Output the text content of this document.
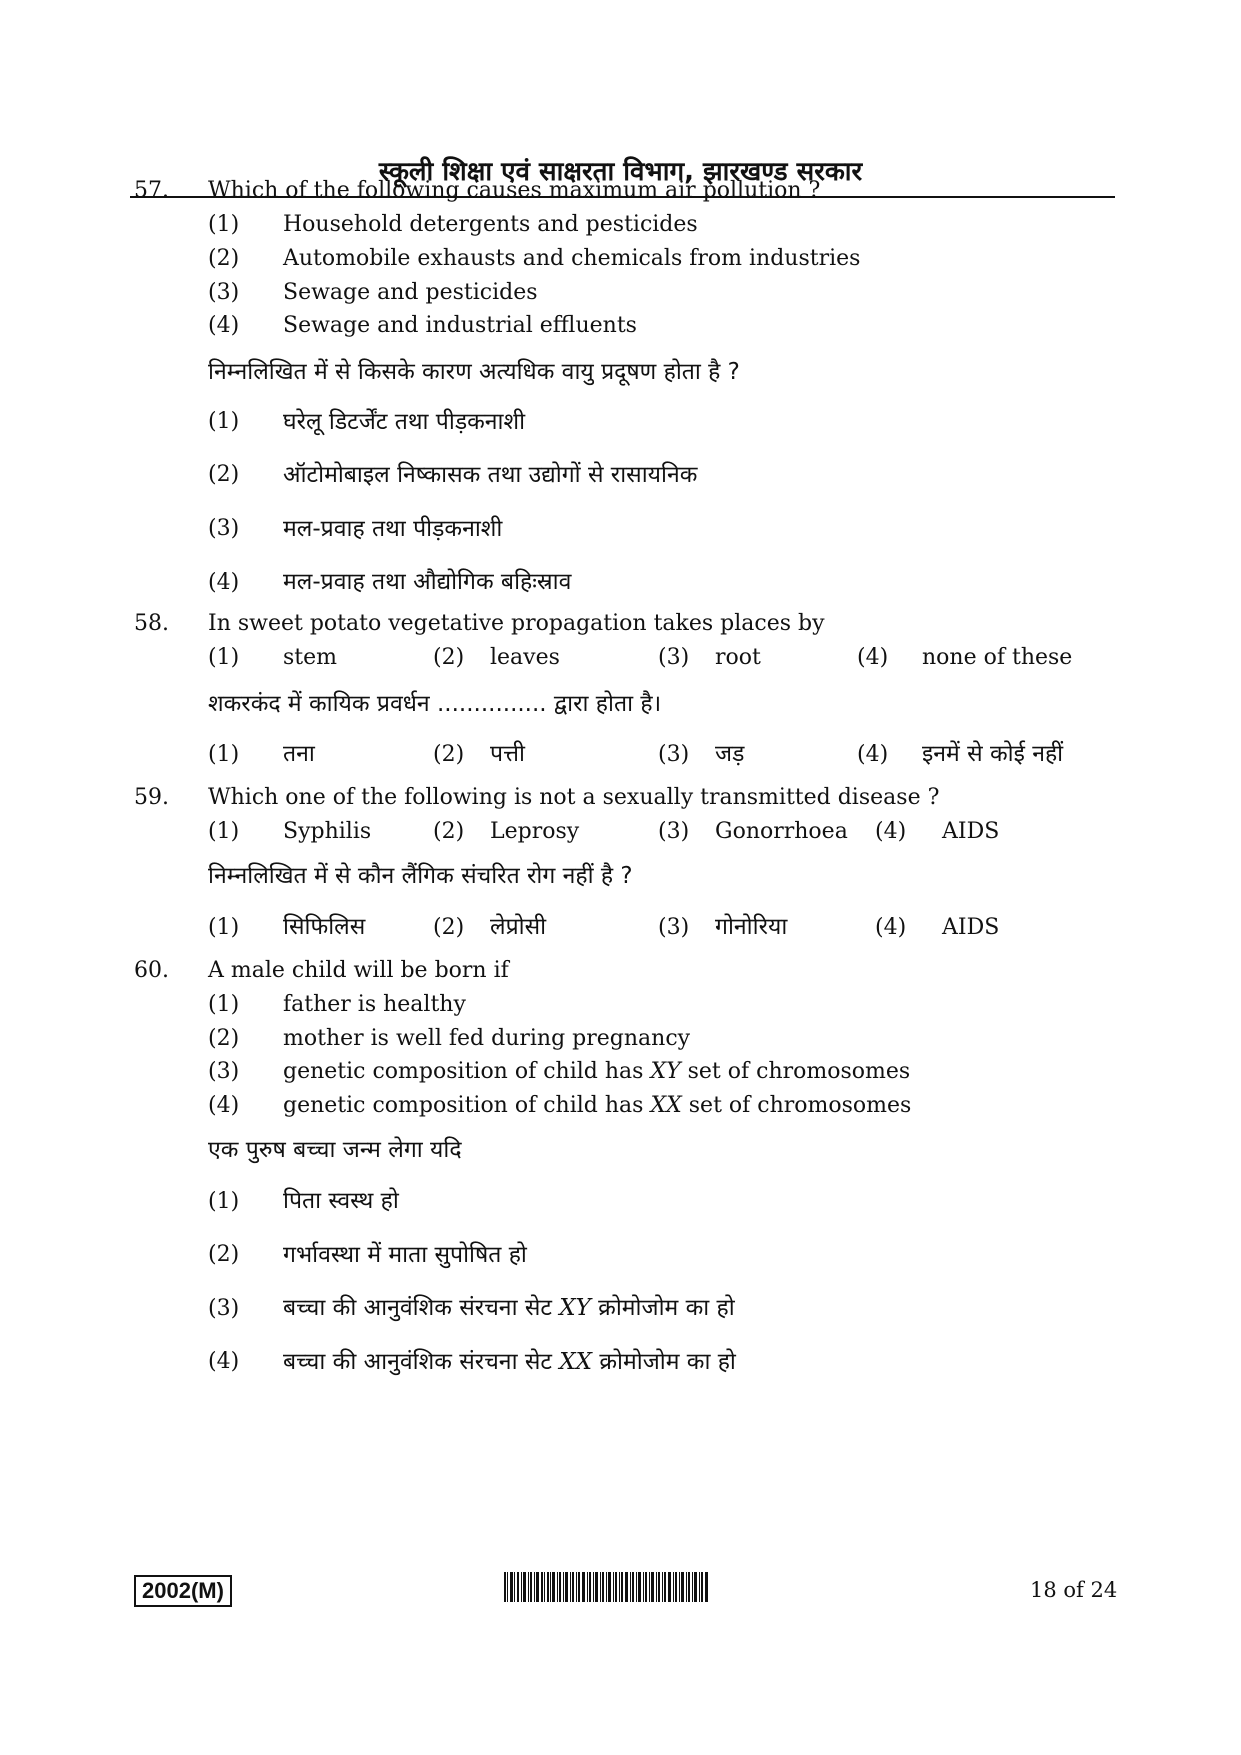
स्कूली शिक्षा एवं साक्षरता विभाग, झारखण्ड सरकार
57. Which of the following causes maximum air pollution ?
(1) Household detergents and pesticides
(2) Automobile exhausts and chemicals from industries
(3) Sewage and pesticides
(4) Sewage and industrial effluents
निम्नलिखित में से किसके कारण अत्यधिक वायु प्रदूषण होता है ?
(1) घरेलू डिटर्जेंट तथा पीड़कनाशी
(2) ऑटोमोबाइल निष्कासक तथा उद्योगों से रासायनिक
(3) मल-प्रवाह तथा पीड़कनाशी
(4) मल-प्रवाह तथा औद्योगिक बहिःस्राव
58. In sweet potato vegetative propagation takes places by
(1) stem	(2) leaves	(3) root	(4) none of these
शकरकंद में कायिक प्रवर्धन ............... द्वारा होता है।
(1) तना	(2) पत्ती	(3) जड़	(4) इनमें से कोई नहीं
59. Which one of the following is not a sexually transmitted disease ?
(1) Syphilis	(2) Leprosy	(3) Gonorrhoea (4) AIDS
निम्नलिखित में से कौन लैंगिक संचरित रोग नहीं है ?
(1) सिफिलिस	(2) लेप्रोसी	(3) गोनोरिया	(4) AIDS
60. A male child will be born if
(1) father is healthy
(2) mother is well fed during pregnancy
(3) genetic composition of child has XY set of chromosomes
(4) genetic composition of child has XX set of chromosomes
एक पुरुष बच्चा जन्म लेगा यदि
(1) पिता स्वस्थ हो
(2) गर्भावस्था में माता सुपोषित हो
(3) बच्चा की आनुवंशिक संरचना सेट XY क्रोमोजोम का हो
(4) बच्चा की आनुवंशिक संरचना सेट XX क्रोमोजोम का हो
2002(M)	18 of 24
